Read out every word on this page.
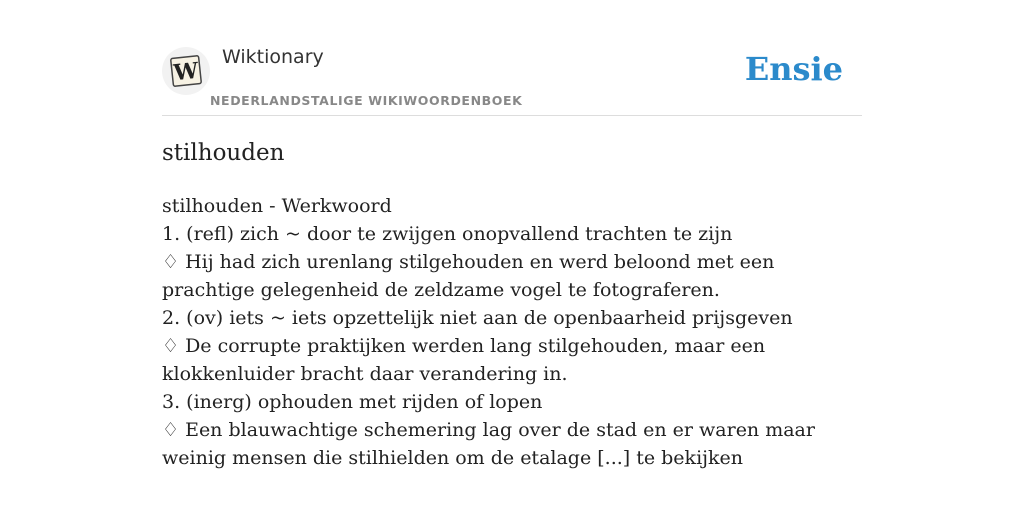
W
Wiktionary
NEDERLANDSTALIGE WIKIWOORDENBOEK
Ensie
stilhouden
stilhouden - Werkwoord
1. (refl) zich ~ door te zwijgen onopvallend trachten te zijn
♢ Hij had zich urenlang stilgehouden en werd beloond met een prachtige gelegenheid de zeldzame vogel te fotograferen.
2. (ov) iets ~ iets opzettelijk niet aan de openbaarheid prijsgeven
♢ De corrupte praktijken werden lang stilgehouden, maar een klokkenluider bracht daar verandering in.
3. (inerg) ophouden met rijden of lopen
♢ Een blauwachtige schemering lag over de stad en er waren maar weinig mensen die stilhielden om de etalage [...] te bekijken
